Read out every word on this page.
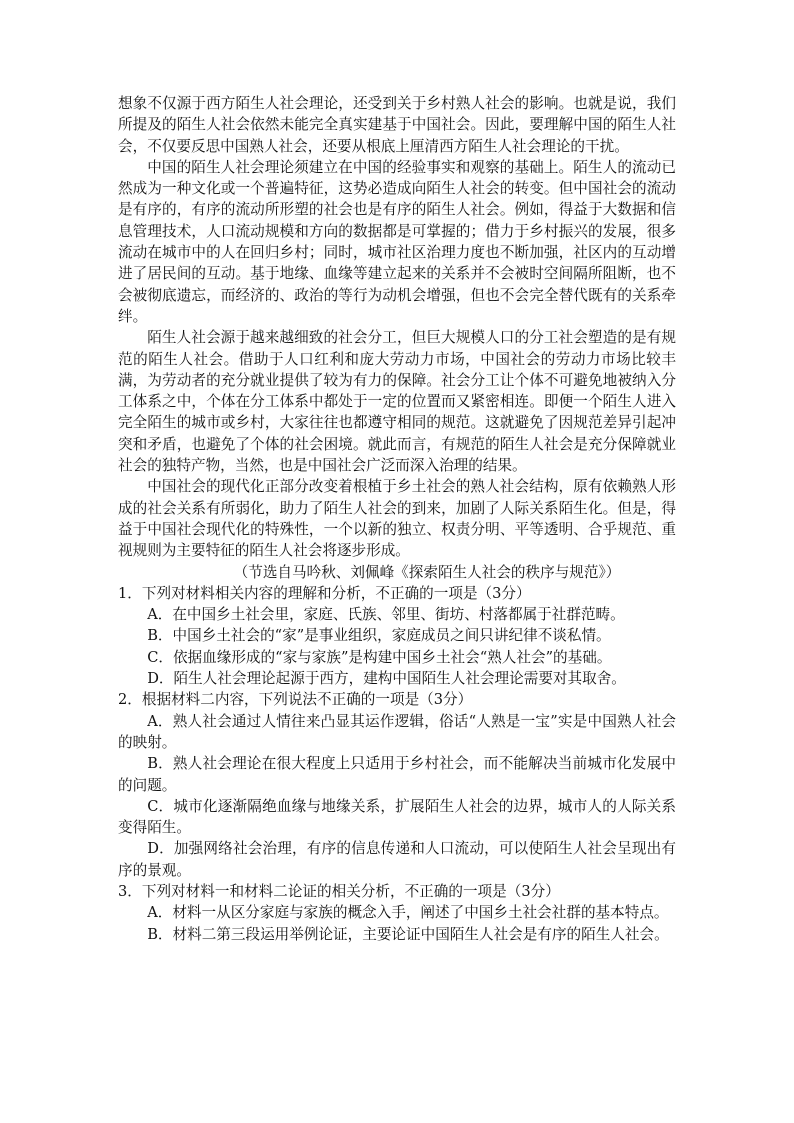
想象不仅源于西方陌生人社会理论，还受到关于乡村熟人社会的影响。也就是说，我们所提及的陌生人社会依然未能完全真实建基于中国社会。因此，要理解中国的陌生人社会，不仅要反思中国熟人社会，还要从根底上厘清西方陌生人社会理论的干扰。

中国的陌生人社会理论须建立在中国的经验事实和观察的基础上。陌生人的流动已然成为一种文化或一个普遍特征，这势必造成向陌生人社会的转变。但中国社会的流动是有序的，有序的流动所形塑的社会也是有序的陌生人社会。例如，得益于大数据和信息管理技术，人口流动规模和方向的数据都是可掌握的；借力于乡村振兴的发展，很多流动在城市中的人在回归乡村；同时，城市社区治理力度也不断加强，社区内的互动增进了居民间的互动。基于地缘、血缘等建立起来的关系并不会被时空间隔所阻断，也不会被彻底遗忘，而经济的、政治的等行为动机会增强，但也不会完全替代既有的关系牵绊。

陌生人社会源于越来越细致的社会分工，但巨大规模人口的分工社会塑造的是有规范的陌生人社会。借助于人口红利和庞大劳动力市场，中国社会的劳动力市场比较丰满，为劳动者的充分就业提供了较为有力的保障。社会分工让个体不可避免地被纳入分工体系之中，个体在分工体系中都处于一定的位置而又紧密相连。即便一个陌生人进入完全陌生的城市或乡村，大家往往也都遵守相同的规范。这就避免了因规范差异引起冲突和矛盾，也避免了个体的社会困境。就此而言，有规范的陌生人社会是充分保障就业社会的独特产物，当然，也是中国社会广泛而深入治理的结果。

中国社会的现代化正部分改变着根植于乡土社会的熟人社会结构，原有依赖熟人形成的社会关系有所弱化，助力了陌生人社会的到来，加剧了人际关系陌生化。但是，得益于中国社会现代化的特殊性，一个以新的独立、权责分明、平等透明、合乎规范、重视规则为主要特征的陌生人社会将逐步形成。

（节选自马吟秋、刘佩峰《探索陌生人社会的秩序与规范》）

1．下列对材料相关内容的理解和分析，不正确的一项是（3分）

A．在中国乡土社会里，家庭、氏族、邻里、街坊、村落都属于社群范畴。

B．中国乡土社会的“家”是事业组织，家庭成员之间只讲纪律不谈私情。

C．依据血缘形成的“家与家族”是构建中国乡土社会“熟人社会”的基础。

D．陌生人社会理论起源于西方，建构中国陌生人社会理论需要对其取舍。

2．根据材料二内容，下列说法不正确的一项是（3分）

A．熟人社会通过人情往来凸显其运作逻辑，俗话“人熟是一宝”实是中国熟人社会的映射。

B．熟人社会理论在很大程度上只适用于乡村社会，而不能解决当前城市化发展中的问题。

C．城市化逐渐隔绝血缘与地缘关系，扩展陌生人社会的边界，城市人的人际关系变得陌生。

D．加强网络社会治理，有序的信息传递和人口流动，可以使陌生人社会呈现出有序的景观。

3．下列对材料一和材料二论证的相关分析，不正确的一项是（3分）

A．材料一从区分家庭与家族的概念入手，阐述了中国乡土社会社群的基本特点。

B．材料二第三段运用举例论证，主要论证中国陌生人社会是有序的陌生人社会。
